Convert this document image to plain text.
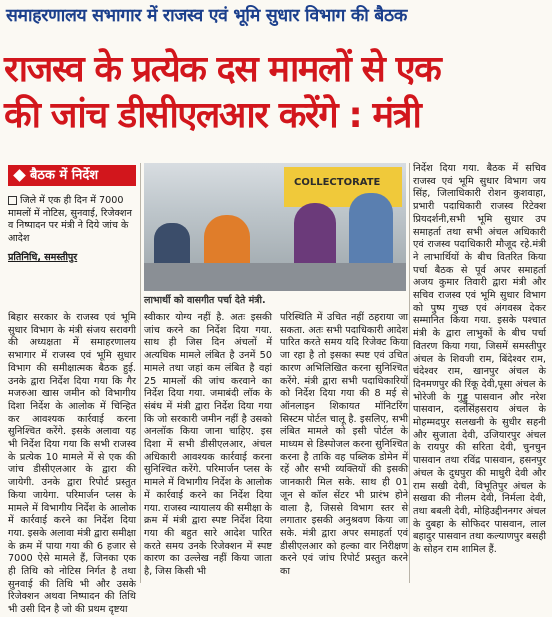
समाहरणालय सभागार में राजस्व एवं भूमि सुधार विभाग की बैठक
राजस्व के प्रत्येक दस मामलों से एक
की जांच डीसीएलआर करेंगे : मंत्री
बैठक में निर्देश
जिले में एक ही दिन में 7000 मामलों में नोटिस, सुनवाई, रिजेक्शन व निष्पादन पर मंत्री ने दिये जांच के आदेश
प्रतिनिधि, समस्तीपुर
COLLECTORATE
लाभार्थी को वासगीत पर्चा देते मंत्री.
बिहार सरकार के राजस्व एवं भूमि सुधार विभाग के मंत्री संजय सरावगी की अध्यक्षता में समाहरणालय सभागार में राजस्व एवं भूमि सुधार विभाग की समीक्षात्मक बैठक हुई. उनके द्वारा निर्देश दिया गया कि गैर मजरुआ खास जमीन को विभागीय दिशा निर्देश के आलोक में चिन्हित कर आवश्यक कार्रवाई करना सुनिश्चित करेंगे. इसके अलावा यह भी निर्देश दिया गया कि सभी राजस्व के प्रत्येक 10 मामले में से एक की जांच डीसीएलआर के द्वारा की जायेगी. उनके द्वारा रिपोर्ट प्रस्तुत किया जायेगा. परिमार्जन प्लस के मामले में विभागीय निर्देश के आलोक में कार्रवाई करने का निर्देश दिया गया. इसके अलावा मंत्री द्वारा समीक्षा के क्रम में पाया गया की 6 हजार से 7000 ऐसे मामले हैं, जिनका एक ही तिथि को नोटिस निर्गत है तथा सुनवाई की तिथि भी और उसके रिजेक्शन अथवा निष्पादन की तिथि भी उसी दिन है जो की प्रथम दृष्टया
स्वीकार योग्य नहीं है. अतः इसकी जांच करने का निर्देश दिया गया. साथ ही जिस दिन अंचलों में अत्यधिक मामले लंबित है उनमें 50 मामले तथा जहां कम लंबित है वहां 25 मामलों की जांच करवाने का निर्देश दिया गया. जमाबंदी लॉक के संबंध में मंत्री द्वारा निर्देश दिया गया कि जो सरकारी जमीन नहीं है उसको अनलॉक किया जाना चाहिए. इस दिशा में सभी डीसीएलआर, अंचल अधिकारी आवश्यक कार्रवाई करना सुनिश्चित करेंगे. परिमार्जन प्लस के मामले में विभागीय निर्देश के आलोक में कार्रवाई करने का निर्देश दिया गया. राजस्व न्यायालय की समीक्षा के क्रम में मंत्री द्वारा स्पष्ट निर्देश दिया गया की बहुत सारे आदेश पारित करते समय उनके रिजेक्शन में स्पष्ट कारण का उल्लेख नहीं किया जाता है, जिस किसी भी
परिस्थिति में उचित नहीं ठहराया जा सकता. अतः सभी पदाधिकारी आदेश पारित करते समय यदि रिजेक्ट किया जा रहा है तो इसका स्पष्ट एवं उचित कारण अभिलिखित करना सुनिश्चित करेंगे. मंत्री द्वारा सभी पदाधिकारियों को निर्देश दिया गया की 8 मई से ऑनलाइन शिकायत मॉनिटरिंग सिस्टम पोर्टल चालू है. इसलिए, सभी लंबित मामले को इसी पोर्टल के माध्यम से डिस्पोजल करना सुनिश्चित करना है ताकि वह पब्लिक डोमेन में रहें और सभी व्यक्तियों की इसकी जानकारी मिल सके. साथ ही 01 जून से कॉल सेंटर भी प्रारंभ होने वाला है, जिससे विभाग स्तर से लगातार इसकी अनुश्रवण किया जा सके. मंत्री द्वारा अपर समाहर्ता एवं डीसीएलआर को हल्का वार निरीक्षण करने एवं जांच रिपोर्ट प्रस्तुत करने का
निर्देश दिया गया. बैठक में सचिव राजस्व एवं भूमि सुधार विभाग जय सिंह, जिलाधिकारी रोशन कुशवाहा, प्रभारी पदाधिकारी राजस्व रिटेक्श प्रियदर्शनी,सभी भूमि सुधार उप समाहर्ता तथा सभी अंचल अधिकारी एवं राजस्व पदाधिकारी मौजूद रहे.मंत्री ने लाभार्थियों के बीच वितरित किया पर्चा बैठक से पूर्व अपर समाहर्ता अजय कुमार तिवारी द्वारा मंत्री और सचिव राजस्व एवं भूमि सुधार विभाग को पुष्प गुच्छ एवं अंगवस्त्र देकर सम्मानित किया गया. इसके पश्चात मंत्री के द्वारा लाभुकों के बीच पर्चा वितरण किया गया, जिसमें समस्तीपुर अंचल के शिवजी राम, बिंदेश्वर राम, चंदेश्वर राम, खानपुर अंचल के दिनमणपुर की रिंकू देवी,पूसा अंचल के भोरेजी के गुड्डु पासवान और नरेश पासवान, दलसिंहसराय अंचल के मोहम्मदपुर सलखनी के सुधीर सहनी और सुजाता देवी, उजियारपुर अंचल के रायपुर की सरिता देवी, चुनचुन पासवान तथा रविंद्र पासवान, हसनपुर अंचल के दुधपुरा की माधुरी देवी और राम सखी देवी, विभूतिपुर अंचल के सखवा की नीलम देवी, निर्मला देवी, तथा बबली देवी, मोहिउद्दीननगर अंचल के दुबहा के सोफिदर पासवान, लाल बहादुर पासवान तथा कल्याणपुर बसही के सोहन राम शामिल हैं.
